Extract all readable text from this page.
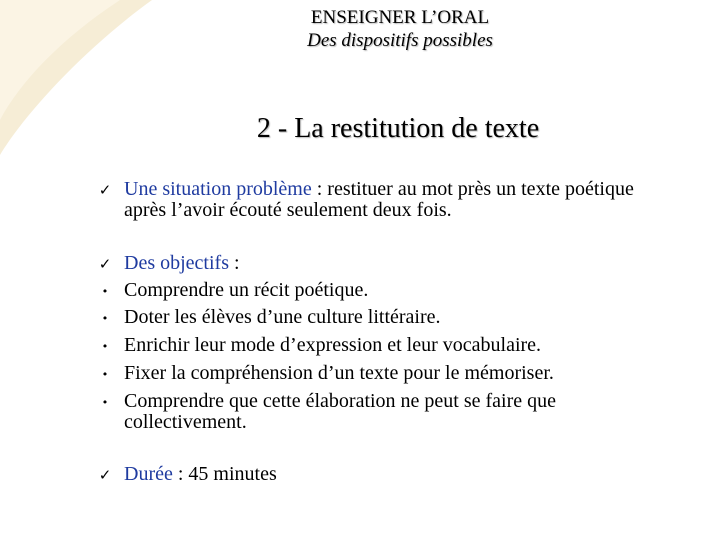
ENSEIGNER L’ORAL
Des dispositifs possibles
2 - La restitution de texte
✓ Une situation problème : restituer au mot près un texte poétique
après l’avoir écouté seulement deux fois.
✓ Des objectifs :
• Comprendre un récit poétique.
• Doter les élèves d’une culture littéraire.
• Enrichir leur mode d’expression et leur vocabulaire.
• Fixer la compréhension d’un texte pour le mémoriser.
• Comprendre que cette élaboration ne peut se faire que
collectivement.
✓ Durée : 45 minutes
